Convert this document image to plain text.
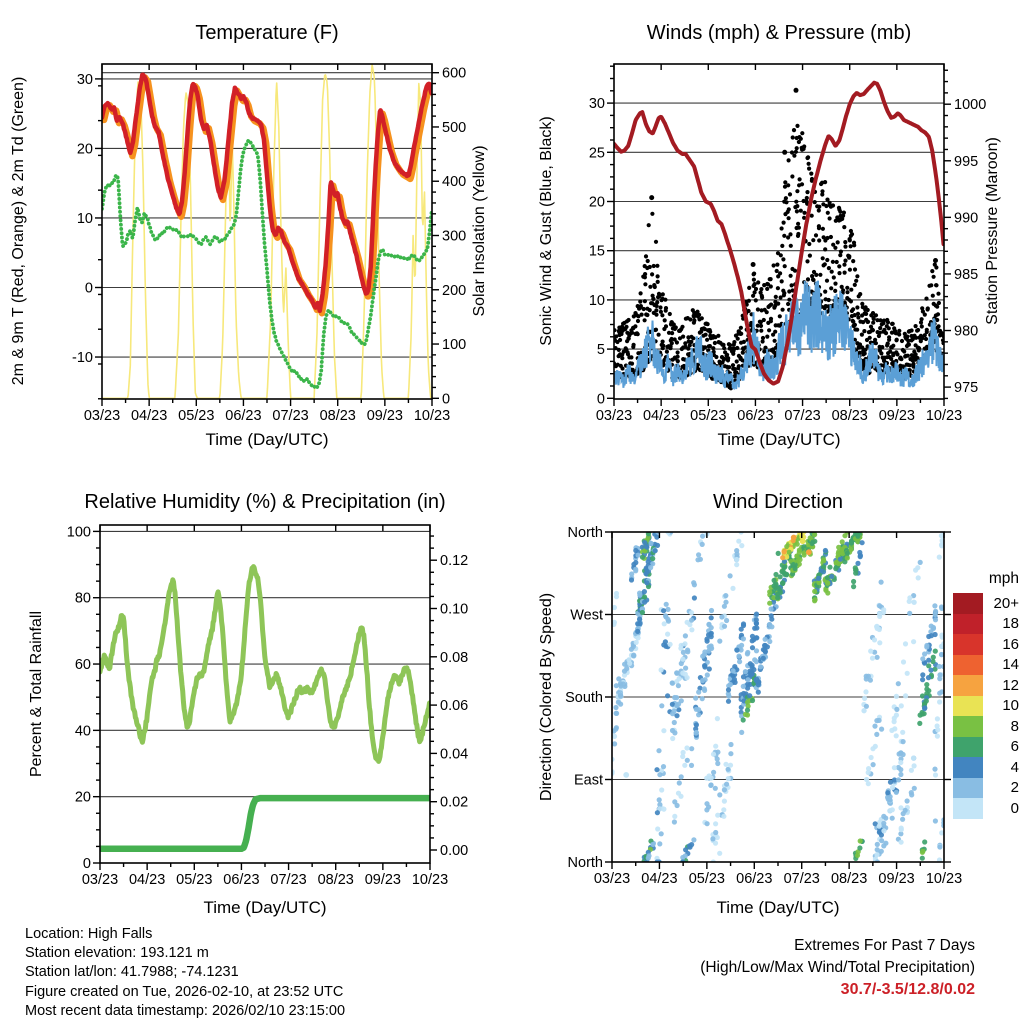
03/23 04/23 05/23 06/23 07/23 08/23 09/23 10/23
30
20
10
0
-10
600
500
400
300
200
100
0
03/23 04/23 05/23 06/23 07/23 08/23 09/23 10/23
30
25
20
15
10
5
0
1000
995
990
985
980
975
03/23 04/23 05/23 06/23 07/23 08/23 09/23 10/23
100
80
60
40
20
0
0.12
0.10
0.08
0.06
0.04
0.02
0.00
03/23 04/23 05/23 06/23 07/23 08/23 09/23 10/23
North
West
South
East
North
Temperature (F)	Winds (mph) & Pressure (mb)
Relative Humidity (%) & Precipitation (in)	Wind Direction
Time (Day/UTC)	Time (Day/UTC)
Time (Day/UTC)	Time (Day/UTC)
2m & 9m T (Red, Orange) & 2m Td (Green)	Solar Insolation (Yellow)	Sonic Wind & Gust (Blue, Black)	Station Pressure (Maroon)
Percent & Total Rainfall	Direction (Colored By Speed)
mph
20+
18
16
14
12
10
8
6
4
2
0
Location: High Falls
Station elevation: 193.121 m
Station lat/lon: 41.7988; -74.1231
Figure created on Tue, 2026-02-10, at 23:52 UTC
Most recent data timestamp: 2026/02/10 23:15:00
Extremes For Past 7 Days
(High/Low/Max Wind/Total Precipitation)
30.7/-3.5/12.8/0.02
